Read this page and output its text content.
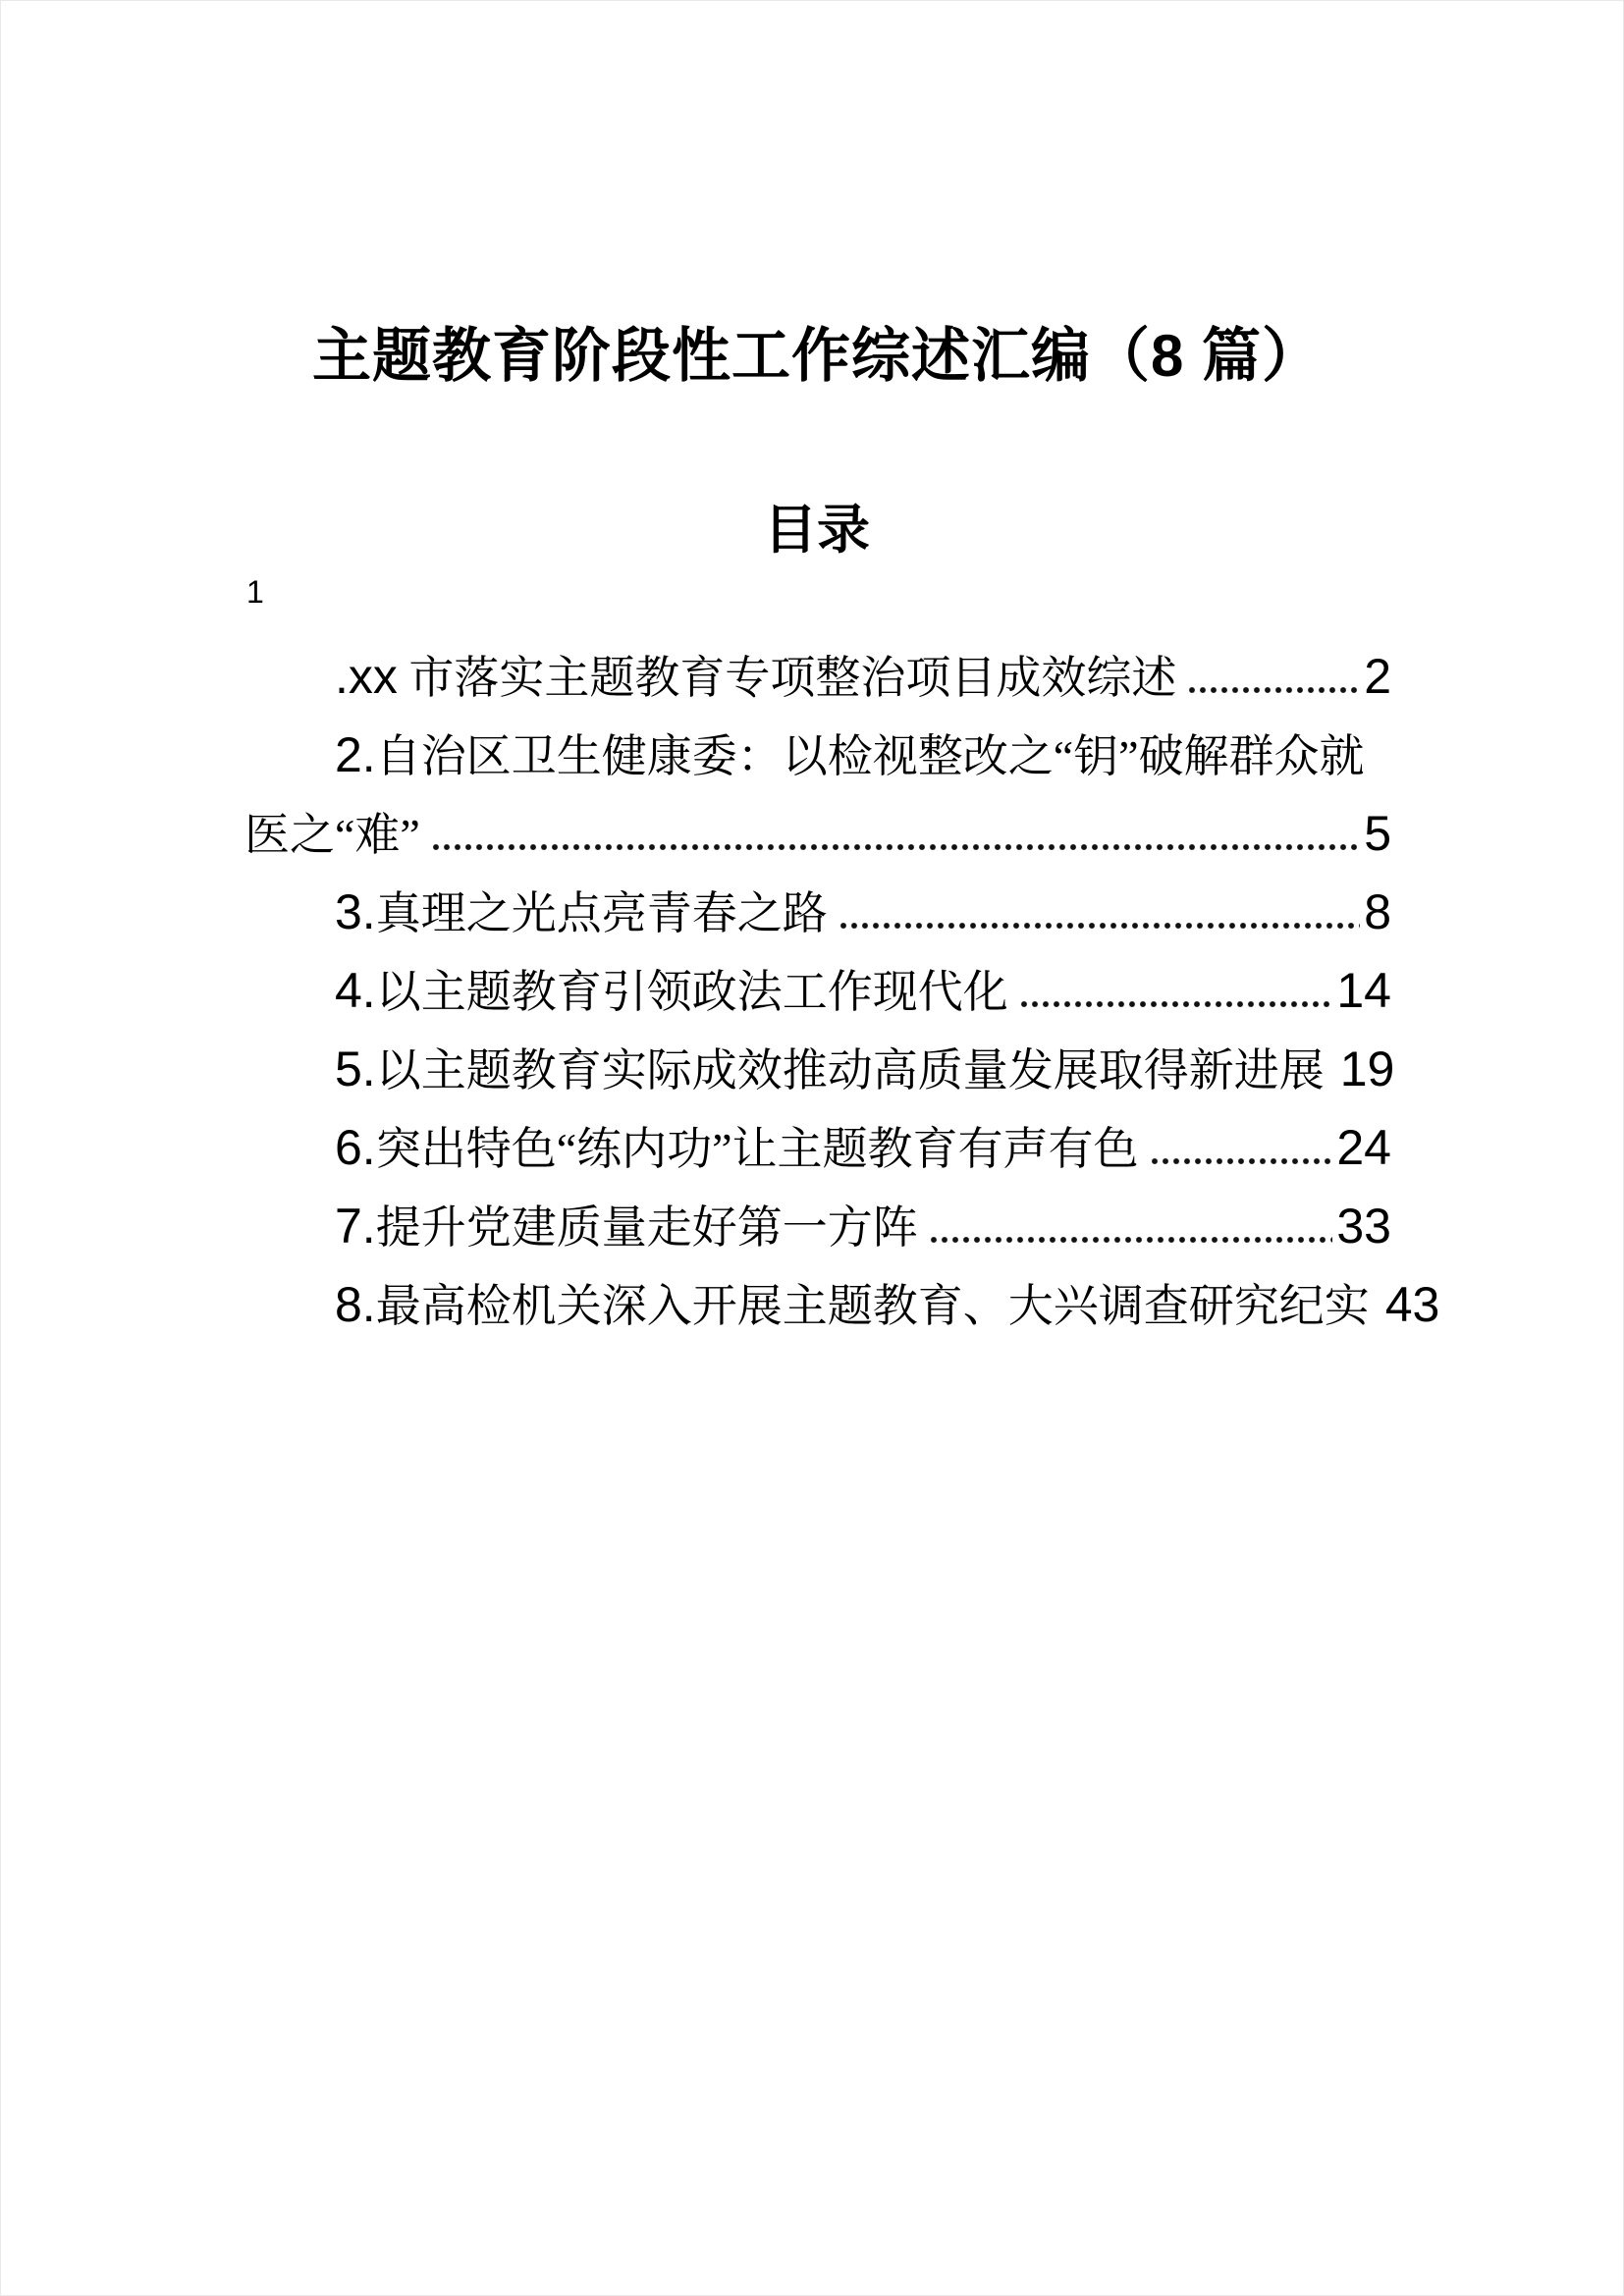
主题教育阶段性工作综述汇编（8 篇）
目录
1
.xx 市落实主题教育专项整治项目成效综述	2
2. 自治区卫生健康委：以检视整改之“钥”破解群众就
医之“难”	5
3. 真理之光点亮青春之路	8
4. 以主题教育引领政法工作现代化	14
5. 以主题教育实际成效推动高质量发展取得新进展 19
6. 突出特色“练内功”让主题教育有声有色	24
7. 提升党建质量走好第一方阵	33
8. 最高检机关深入开展主题教育、大兴调查研究纪实 43
